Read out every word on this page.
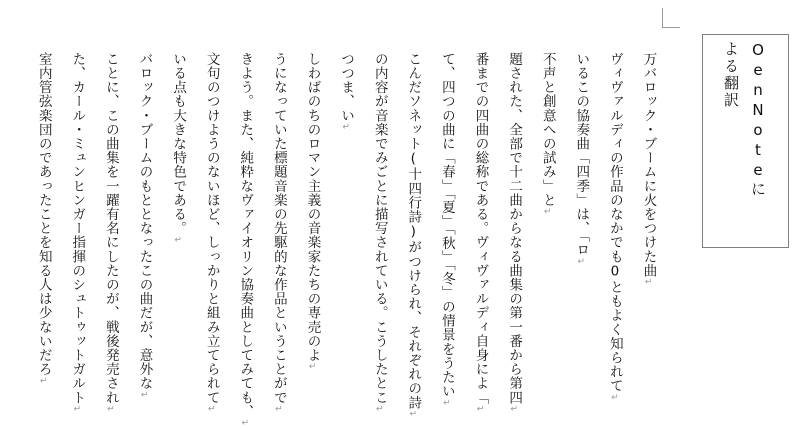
OenNoteに
よる翻訳
万バロック・ブームに火をつけた曲↵
ヴィヴァルディの作品のなかでも0ともよく知られて↵
いるこの協奏曲「四季」は、「ロ↵
不声と創意への試み」と↵
題された、全部で十二曲からなる曲集の第一番から第四↵
番までの四曲の総称である。ヴィヴァルディ自身によ「↵
て、四つの曲に「春」「夏」「秋」「冬」の情景をうたい↵
こんだソネット(十四行詩)がつけられ、それぞれの詩↵
の内容が音楽でみごとに描写されている。こうしたとこ↵
つつま、い↵
しわばのちのロマン主義の音楽家たちの専売のよ↵
うになっていた標題音楽の先駆的な作品ということがで↵
きよう。また、純粋なヴァイオリン協奏曲としてみても、↵
文句のつけようのないほど、しっかりと組み立てられて↵
いる点も大きな特色である。↵
バロック・ブームのもととなったこの曲だが、意外な↵
ことに、この曲集を一躍有名にしたのが、戦後発売され↵
た、カール・ミュンヒンガー指揮のシュトゥットガルト↵
室内管弦楽団のであったことを知る人は少ないだろ↵
